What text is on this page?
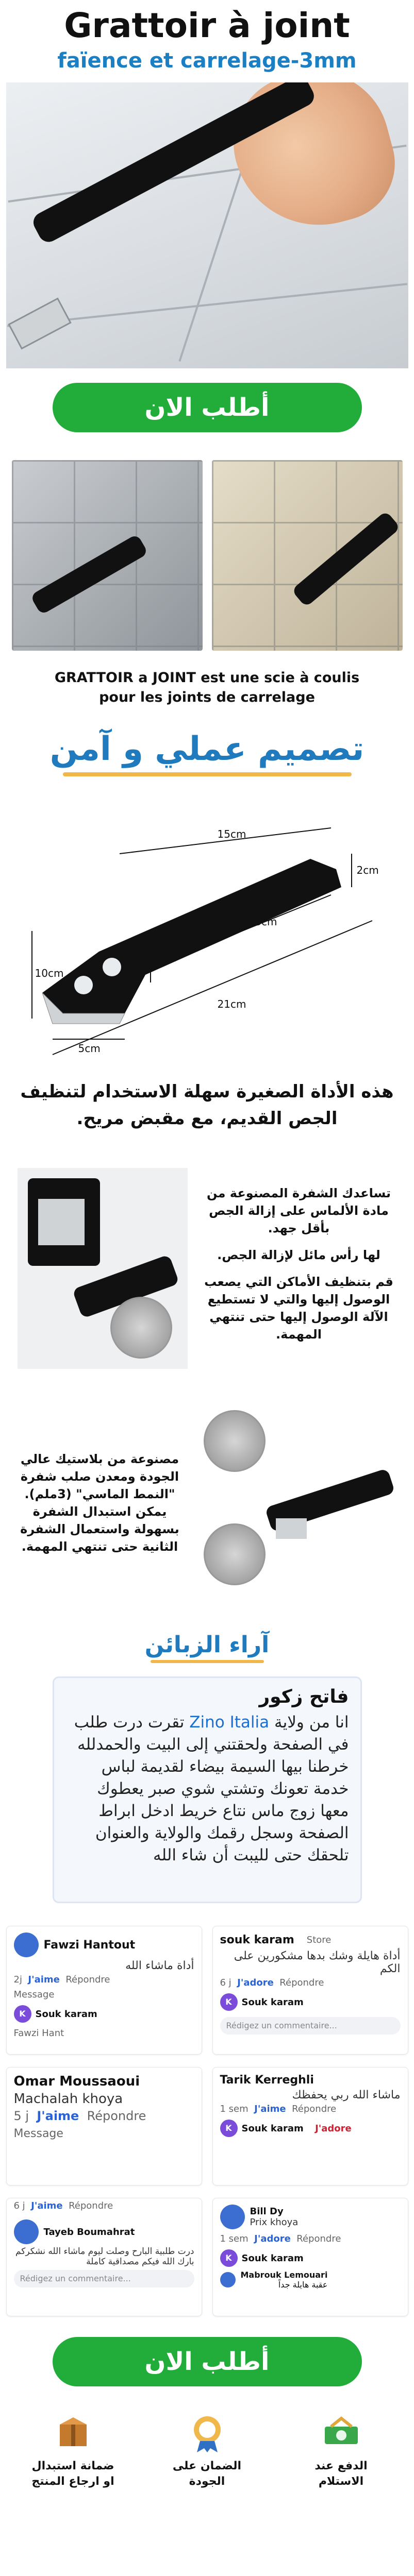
Grattoir à joint
faïence et carrelage-3mm
أطلب الان
GRATTOIR a JOINT est une scie à coulis
pour les joints de carrelage
تصميم عملي و آمن
15cm
2cm
10cm
6cm
13cm
5cm
21cm

هذه الأداة الصغيرة سهلة الاستخدام لتنظيف الجص القديم، مع مقبض مريح.

تساعدك الشفرة المصنوعة من مادة الألماس على إزالة الجص بأقل جهد.

لها رأس مائل لإزالة الجص.

قم بتنظيف الأماكن التي يصعب الوصول إليها والتي لا تستطيع الآلة الوصول إليها حتى تنتهي المهمة.

مصنوعة من بلاستيك عالي الجودة ومعدن صلب شفرة "النمط الماسي" (3ملم). يمكن استبدال الشفرة بسهولة واستعمال الشفرة الثانية حتى تنتهي المهمة.
آراء الزبائن
فاتح زكور
انا من ولاية Zino Italia تقرت درت طلب في الصفحة ولحقتني إلى البيت والحمدلله خرطنا بيها السيمة بيضاء لقديمة لباس خدمة تعونك وتشتي شوي صبر يعطوك معها زوج ماس نتاع خريط ادخل ابراط الصفحة وسجل رقمك والولاية والعنوان تلحقك حتى لليبت أن شاء الله
Fawzi Hantout
أداة ماشاء الله
2j J'aime Répondre
Message
K	Souk karam
Fawzi Hant
souk karam	Store
أداة هايلة وشك بدها مشكورين على الكم
6 j J'adore Répondre
K	Souk karam
Rédigez un commentaire...
Omar Moussaoui
Machalah khoya
5 j J'aime Répondre
Message
Tarik Kerreghli
ماشاء الله ربي يحفظك
1 sem J'aime Répondre
K	Souk karam
J'adore
6 j J'aime Répondre
Tayeb Boumahrat
درت طلبية البارح وصلت ليوم ماشاء الله نشكركم بارك الله فيكم مصداقية كاملة
Rédigez un commentaire...
Bill Dy
Prix khoya
1 sem J'adore Répondre
K	Souk karam
Mabrouk Lemouari
عقبة هايلة جداً
أطلب الان
ضمانة استبدال او ارجاع المنتج
الضمان على الجودة
الدفع عند الاستلام
